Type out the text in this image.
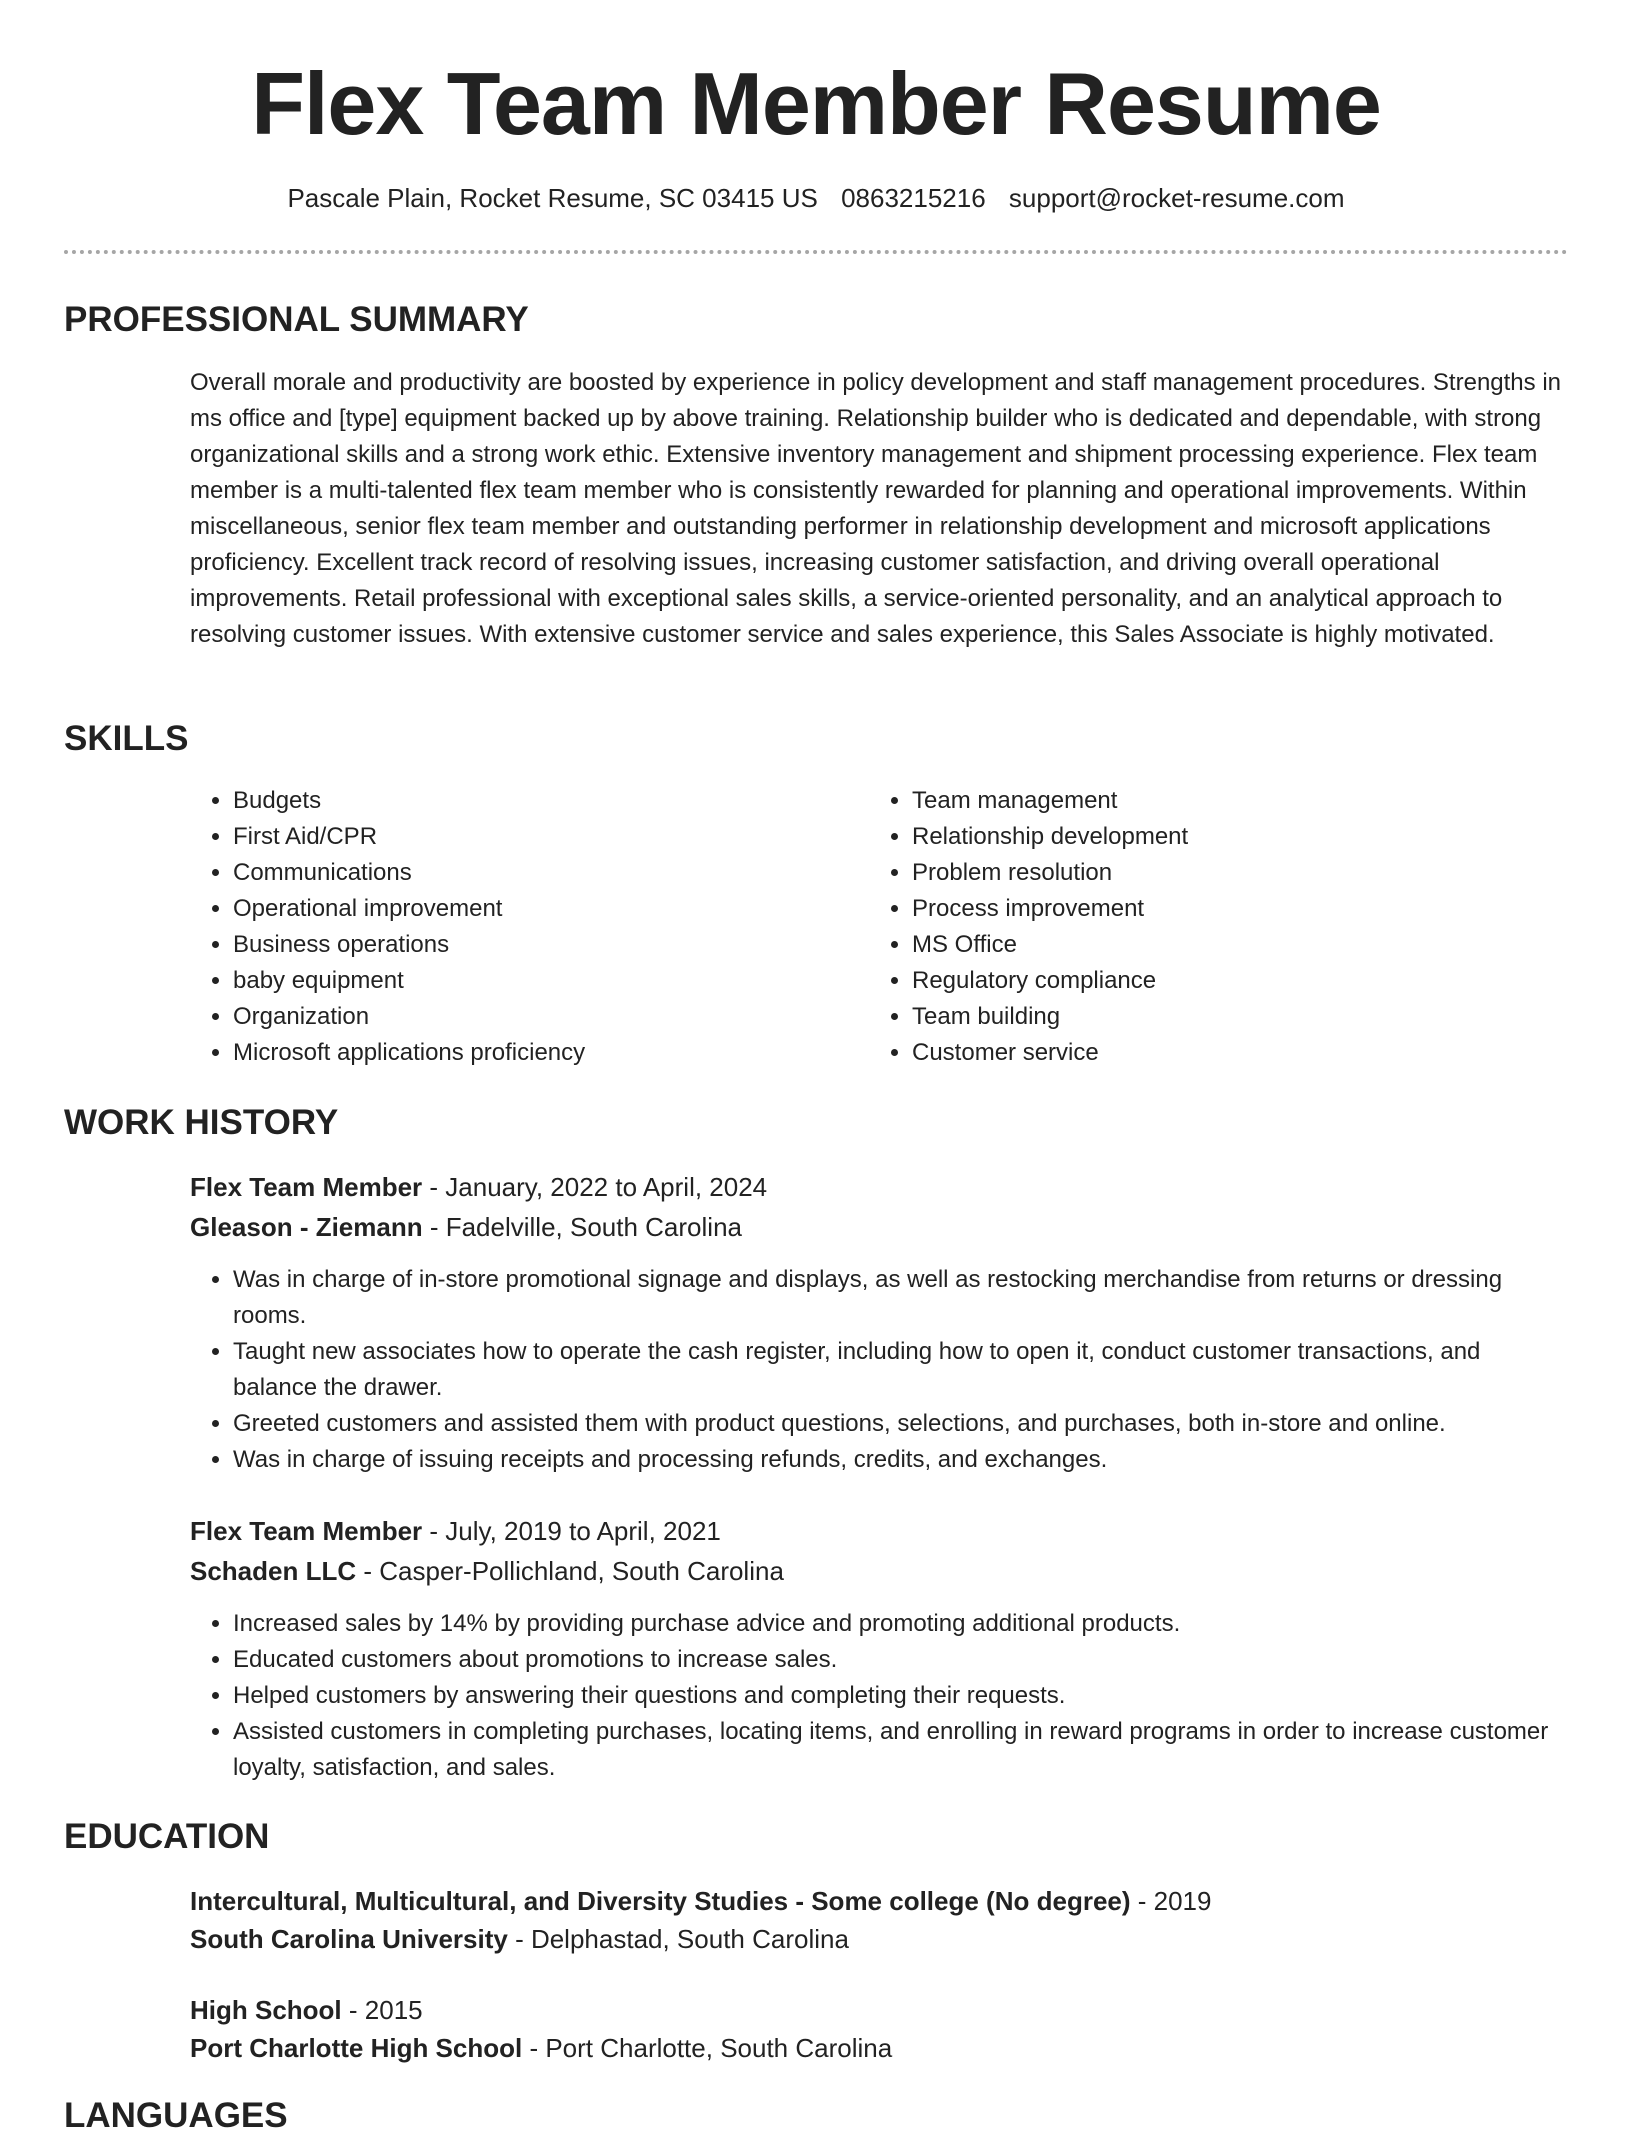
Flex Team Member Resume
Pascale Plain, Rocket Resume, SC 03415 US 0863215216 support@rocket-resume.com
PROFESSIONAL SUMMARY
Overall morale and productivity are boosted by experience in policy development and staff management procedures. Strengths in ms office and [type] equipment backed up by above training. Relationship builder who is dedicated and dependable, with strong organizational skills and a strong work ethic. Extensive inventory management and shipment processing experience. Flex team member is a multi-talented flex team member who is consistently rewarded for planning and operational improvements. Within miscellaneous, senior flex team member and outstanding performer in relationship development and microsoft applications proficiency. Excellent track record of resolving issues, increasing customer satisfaction, and driving overall operational improvements. Retail professional with exceptional sales skills, a service-oriented personality, and an analytical approach to resolving customer issues. With extensive customer service and sales experience, this Sales Associate is highly motivated.
SKILLS
• Budgets
• First Aid/CPR
• Communications
• Operational improvement
• Business operations
• baby equipment
• Organization
• Microsoft applications proficiency
• Team management
• Relationship development
• Problem resolution
• Process improvement
• MS Office
• Regulatory compliance
• Team building
• Customer service
WORK HISTORY
Flex Team Member - January, 2022 to April, 2024
Gleason - Ziemann - Fadelville, South Carolina
• Was in charge of in-store promotional signage and displays, as well as restocking merchandise from returns or dressing rooms.
• Taught new associates how to operate the cash register, including how to open it, conduct customer transactions, and balance the drawer.
• Greeted customers and assisted them with product questions, selections, and purchases, both in-store and online.
• Was in charge of issuing receipts and processing refunds, credits, and exchanges.
Flex Team Member - July, 2019 to April, 2021
Schaden LLC - Casper-Pollichland, South Carolina
• Increased sales by 14% by providing purchase advice and promoting additional products.
• Educated customers about promotions to increase sales.
• Helped customers by answering their questions and completing their requests.
• Assisted customers in completing purchases, locating items, and enrolling in reward programs in order to increase customer loyalty, satisfaction, and sales.
EDUCATION
Intercultural, Multicultural, and Diversity Studies - Some college (No degree) - 2019
South Carolina University - Delphastad, South Carolina
High School - 2015
Port Charlotte High School - Port Charlotte, South Carolina
LANGUAGES
